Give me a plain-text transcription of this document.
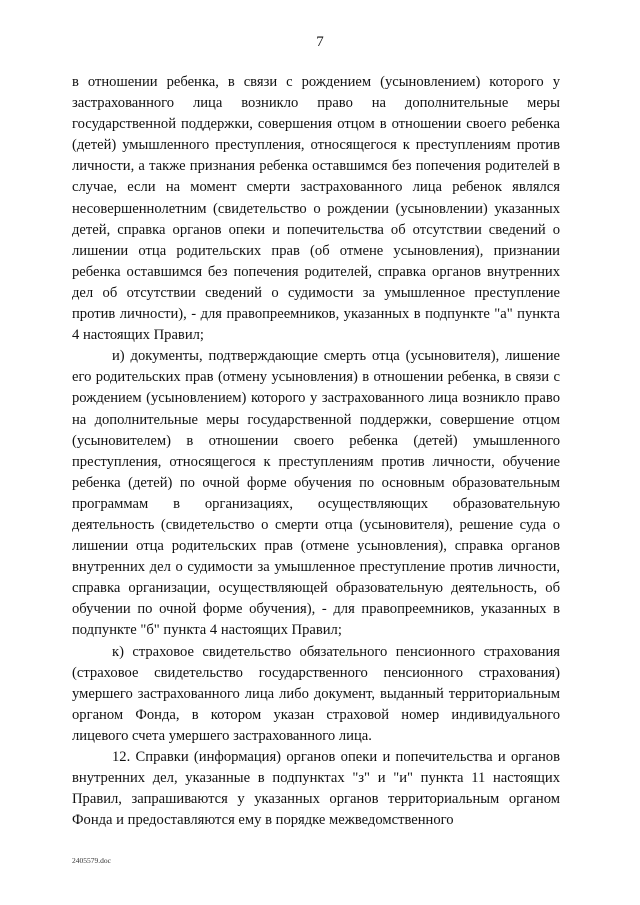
7

в отношении ребенка, в связи с рождением (усыновлением) которого у застрахованного лица возникло право на дополнительные меры государственной поддержки, совершения отцом в отношении своего ребенка (детей) умышленного преступления, относящегося к преступлениям против личности, а также признания ребенка оставшимся без попечения родителей в случае, если на момент смерти застрахованного лица ребенок являлся несовершеннолетним (свидетельство о рождении (усыновлении) указанных детей, справка органов опеки и попечительства об отсутствии сведений о лишении отца родительских прав (об отмене усыновления), признании ребенка оставшимся без попечения родителей, справка органов внутренних дел об отсутствии сведений о судимости за умышленное преступление против личности), - для правопреемников, указанных в подпункте "а" пункта 4 настоящих Правил;

и) документы, подтверждающие смерть отца (усыновителя), лишение его родительских прав (отмену усыновления) в отношении ребенка, в связи с рождением (усыновлением) которого у застрахованного лица возникло право на дополнительные меры государственной поддержки, совершение отцом (усыновителем) в отношении своего ребенка (детей) умышленного преступления, относящегося к преступлениям против личности, обучение ребенка (детей) по очной форме обучения по основным образовательным программам в организациях, осуществляющих образовательную деятельность (свидетельство о смерти отца (усыновителя), решение суда о лишении отца родительских прав (отмене усыновления), справка органов внутренних дел о судимости за умышленное преступление против личности, справка организации, осуществляющей образовательную деятельность, об обучении по очной форме обучения), - для правопреемников, указанных в подпункте "б" пункта 4 настоящих Правил;

к) страховое свидетельство обязательного пенсионного страхования (страховое свидетельство государственного пенсионного страхования) умершего застрахованного лица либо документ, выданный территориальным органом Фонда, в котором указан страховой номер индивидуального лицевого счета умершего застрахованного лица.

12. Справки (информация) органов опеки и попечительства и органов внутренних дел, указанные в подпунктах "з" и "и" пункта 11 настоящих Правил, запрашиваются у указанных органов территориальным органом Фонда и предоставляются ему в порядке межведомственного

2405579.doc
